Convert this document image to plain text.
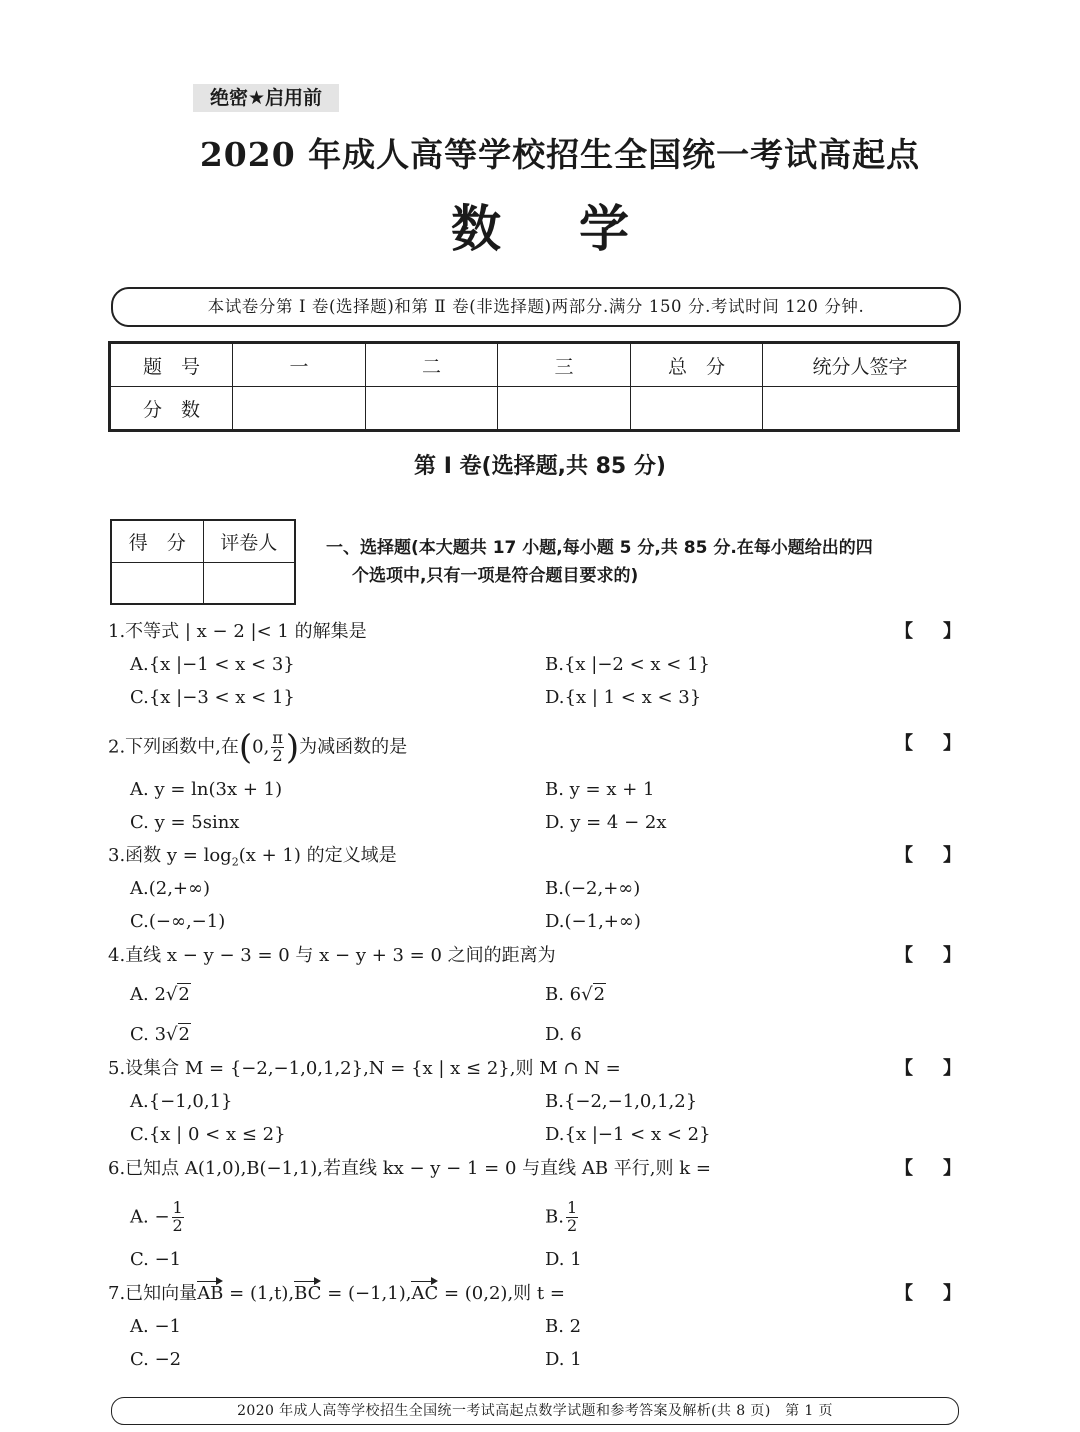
绝密★启用前
2020 年成人高等学校招生全国统一考试高起点
数学
本试卷分第 Ⅰ 卷(选择题)和第 Ⅱ 卷(非选择题)两部分.满分 150 分.考试时间 120 分钟.
题　号	一	二	三	总　分	统分人签字
分　数					
第 Ⅰ 卷(选择题,共 85 分)
得　分	评卷人
		一、选择题(本大题共 17 小题,每小题 5 分,共 85 分.在每小题给出的四
个选项中,只有一项是符合题目要求的)
1.不等式 | x − 2 |< 1 的解集是	【 】
A.{x |−1 < x < 3}	B.{x |−2 < x < 1}
C.{x |−3 < x < 1}	D.{x | 1 < x < 3}
2.下列函数中,在(0, $\frac{\pi}{2}$ )为减函数的是	【 】
A. y = ln(3x + 1)	B. y = x + 1
C. y = 5sinx	D. y = 4 − 2x
3.函数 $y = \log_2(x + 1)$ 的定义域是	【 】
A.(2,+∞)	B.(−2,+∞)
C.(−∞,−1)	D.(−1,+∞)
4.直线 x − y − 3 = 0 与 x − y + 3 = 0 之间的距离为	【 】
A. 2√2	B. 6√2
C. 3√2	D. 6
5.设集合 M = {−2,−1,0,1,2},N = {x | x ≤ 2},则 M ∩ N =	【 】
A.{−1,0,1}	B.{−2,−1,0,1,2}
C.{x | 0 < x ≤ 2}	D.{x |−1 < x < 2}
6.已知点 A(1,0),B(−1,1),若直线 kx − y − 1 = 0 与直线 AB 平行,则 k =	【 】
A. − $\frac{1}{2}$	B. $\frac{1}{2}$
C. −1	D. 1
7.已知向量AB = (1,t),BC = (−1,1),AC = (0,2),则 t =	【 】
A. −1	B. 2
C. −2	D. 1
2020 年成人高等学校招生全国统一考试高起点数学试题和参考答案及解析(共 8 页)　第 1 页
